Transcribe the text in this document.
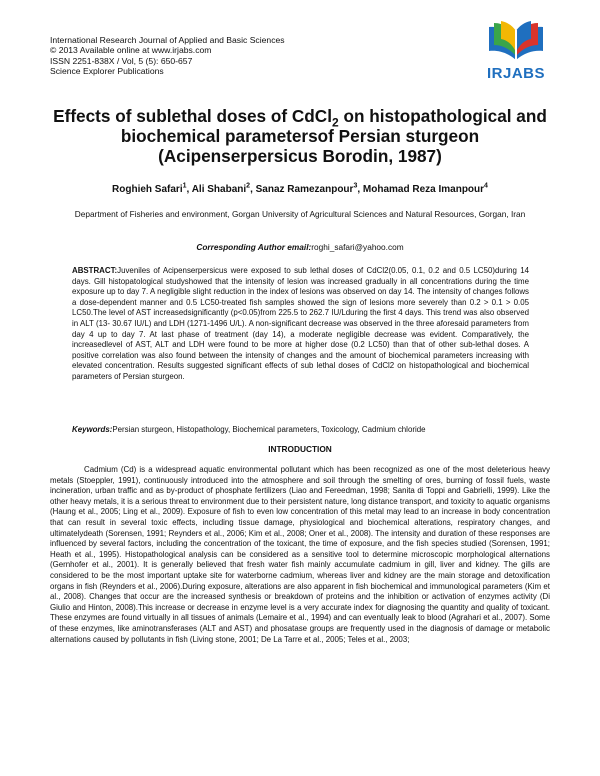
International Research Journal of Applied and Basic Sciences
© 2013 Available online at www.irjabs.com
ISSN 2251-838X / Vol, 5 (5): 650-657
Science Explorer Publications	IRJABS
Effects of sublethal doses of CdCl$_2$ on histopathological and biochemical parametersof Persian sturgeon (Acipenserpersicus Borodin, 1987)
Roghieh Safari$^1$, Ali Shabani$^2$, Sanaz Ramezanpour$^3$, Mohamad Reza Imanpour$^4$
Department of Fisheries and environment, Gorgan University of Agricultural Sciences and Natural Resources, Gorgan, Iran
Corresponding Author email:roghi_safari@yahoo.com
ABSTRACT:Juveniles of Acipenserpersicus were exposed to sub lethal doses of CdCl2(0.05, 0.1, 0.2 and 0.5 LC50)during 14 days. Gill histopatological studyshowed that the intensity of lesion was increased gradually in all concentrations during the time exposure up to day 7. A negligible slight reduction in the index of lesions was observed on day 14. The intensity of changes follows a dose-dependent manner and 0.5 LC50-treated fish samples showed the sign of lesions more severely than 0.2 > 0.1 > 0.05 LC50.The level of AST increasedsignificantly (p<0.05)from 225.5 to 262.7 IU/Lduring the first 4 days. This trend was also observed in ALT (13- 30.67 IU/L) and LDH (1271-1496 U/L). A non-significant decrease was observed in the three aforesaid parameters from day 4 up to day 7. At last phase of treatment (day 14), a moderate negligible decrease was evident. Comparatively, the increasedlevel of AST, ALT and LDH were found to be more at higher dose (0.2 LC50) than that of other sub-lethal doses. A positive correlation was also found between the intensity of changes and the amount of biochemical parameters increasing with elevated concentration. Results suggested significant effects of sub lethal doses of CdCl2 on histopathological and biochemical parameters of Persian sturgeon.
Keywords:Persian sturgeon, Histopathology, Biochemical parameters, Toxicology, Cadmium chloride
INTRODUCTION
Cadmium (Cd) is a widespread aquatic environmental pollutant which has been recognized as one of the most deleterious heavy metals (Stoeppler, 1991), continuously introduced into the atmosphere and soil through the smelting of ores, burning of fossil fuels, waste incineration, urban traffic and as by-product of phosphate fertilizers (Liao and Fereedman, 1998; Sanita di Toppi and Gabrielli, 1999). Like the other heavy metals, it is a serious threat to environment due to their persistent nature, long distance transport, and toxicity to aquatic organisms (Haung et al., 2005; Ling et al., 2009). Exposure of fish to even low concentration of this metal may lead to an increase in body concentration that can result in several toxic effects, including tissue damage, physiological and biochemical alterations, respiratory changes, and ultimatelydeath (Sorensen, 1991; Reynders et al., 2006; Kim et al., 2008; Oner et al., 2008). The intensity and duration of these responses are influenced by several factors, including the concentration of the toxicant, the time of exposure, and the fish species studied (Sorensen, 1991; Heath et al., 1995). Histopathological analysis can be considered as a sensitive tool to determine microscopic morphological alternations (Gernhofer et al., 2001). It is generally believed that fresh water fish mainly accumulate cadmium in gill, liver and kidney. The gills are considered to be the most important uptake site for waterborne cadmium, whereas liver and kidney are the main storage and detoxification organs in fish (Reynders et al., 2006).During exposure, alterations are also apparent in fish biochemical and immunological parameters (Kim et al., 2008). Changes that occur are the increased synthesis or breakdown of proteins and the inhibition or activation of enzymes activity (Di Giulio and Hinton, 2008).This increase or decrease in enzyme level is a very accurate index for diagnosing the quantity and quality of toxicant. These enzymes are found virtually in all tissues of animals (Lemaire et al., 1994) and can eventually leak to blood (Agrahari et al., 2007). Some of these enzymes, like aminotransferases (ALT and AST) and phosatase groups are frequently used in the diagnosis of damage or metabolic alternations caused by pollutants in fish (Living stone, 2001; De La Tarre et al., 2005; Teles et al., 2003;
